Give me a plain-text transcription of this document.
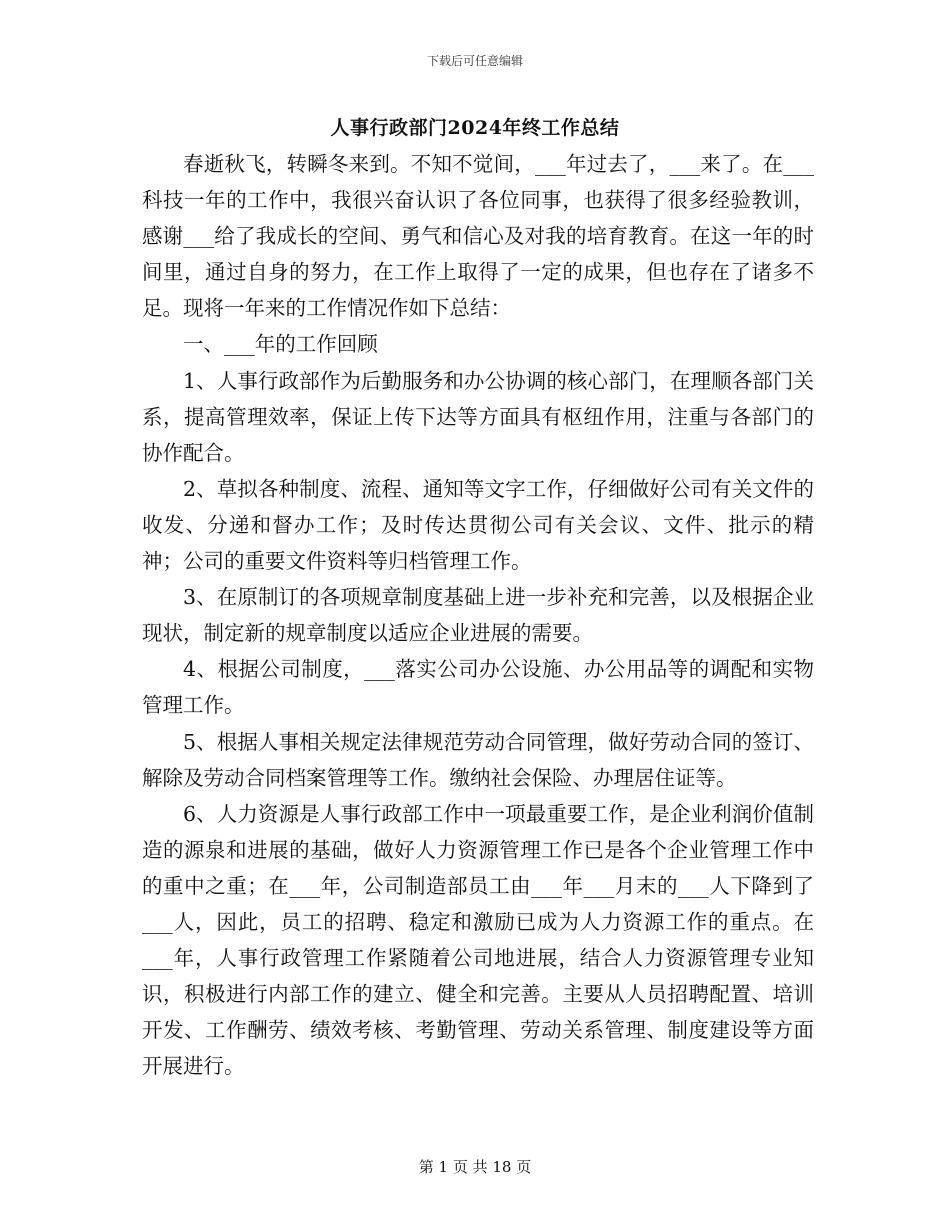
下载后可任意编辑
人事行政部门2024年终工作总结

春逝秋飞，转瞬冬来到。不知不觉间，___年过去了，___来了。在___科技一年的工作中，我很兴奋认识了各位同事，也获得了很多经验教训，感谢___给了我成长的空间、勇气和信心及对我的培育教育。在这一年的时间里，通过自身的努力，在工作上取得了一定的成果，但也存在了诸多不足。现将一年来的工作情况作如下总结：

一、___年的工作回顾

1、人事行政部作为后勤服务和办公协调的核心部门，在理顺各部门关系，提高管理效率，保证上传下达等方面具有枢纽作用，注重与各部门的协作配合。

2、草拟各种制度、流程、通知等文字工作，仔细做好公司有关文件的收发、分递和督办工作；及时传达贯彻公司有关会议、文件、批示的精神；公司的重要文件资料等归档管理工作。

3、在原制订的各项规章制度基础上进一步补充和完善，以及根据企业现状，制定新的规章制度以适应企业进展的需要。

4、根据公司制度，___落实公司办公设施、办公用品等的调配和实物管理工作。

5、根据人事相关规定法律规范劳动合同管理，做好劳动合同的签订、解除及劳动合同档案管理等工作。缴纳社会保险、办理居住证等。

6、人力资源是人事行政部工作中一项最重要工作，是企业利润价值制造的源泉和进展的基础，做好人力资源管理工作已是各个企业管理工作中的重中之重；在___年，公司制造部员工由___年___月末的___人下降到了___人，因此，员工的招聘、稳定和激励已成为人力资源工作的重点。在___年，人事行政管理工作紧随着公司地进展，结合人力资源管理专业知识，积极进行内部工作的建立、健全和完善。主要从人员招聘配置、培训开发、工作酬劳、绩效考核、考勤管理、劳动关系管理、制度建设等方面开展进行。

第 1 页 共 18 页
